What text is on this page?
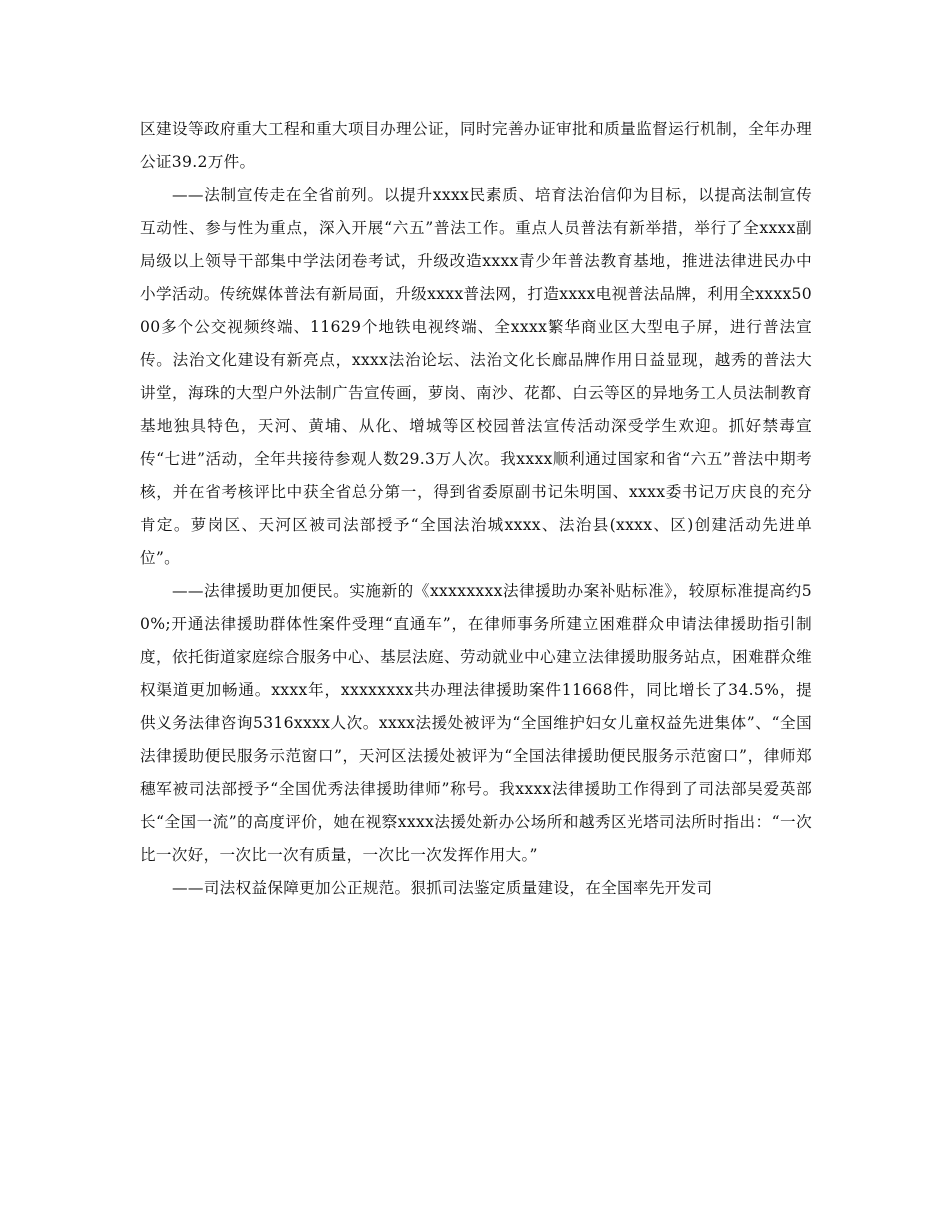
区建设等政府重大工程和重大项目办理公证，同时完善办证审批和质量监督运行机制，全年办理公证39.2万件。

——法制宣传走在全省前列。以提升xxxx民素质、培育法治信仰为目标，以提高法制宣传互动性、参与性为重点，深入开展“六五”普法工作。重点人员普法有新举措，举行了全xxxx副局级以上领导干部集中学法闭卷考试，升级改造xxxx青少年普法教育基地，推进法律进民办中小学活动。传统媒体普法有新局面，升级xxxx普法网，打造xxxx电视普法品牌，利用全xxxx5000多个公交视频终端、11629个地铁电视终端、全xxxx繁华商业区大型电子屏，进行普法宣传。法治文化建设有新亮点，xxxx法治论坛、法治文化长廊品牌作用日益显现，越秀的普法大讲堂，海珠的大型户外法制广告宣传画，萝岗、南沙、花都、白云等区的异地务工人员法制教育基地独具特色，天河、黄埔、从化、增城等区校园普法宣传活动深受学生欢迎。抓好禁毒宣传“七进”活动，全年共接待参观人数29.3万人次。我xxxx顺利通过国家和省“六五”普法中期考核，并在省考核评比中获全省总分第一，得到省委原副书记朱明国、xxxx委书记万庆良的充分肯定。萝岗区、天河区被司法部授予“全国法治城xxxx、法治县(xxxx、区)创建活动先进单位”。

——法律援助更加便民。实施新的《xxxxxxxx法律援助办案补贴标准》，较原标准提高约50%;开通法律援助群体性案件受理“直通车”，在律师事务所建立困难群众申请法律援助指引制度，依托街道家庭综合服务中心、基层法庭、劳动就业中心建立法律援助服务站点，困难群众维权渠道更加畅通。xxxx年，xxxxxxxx共办理法律援助案件11668件，同比增长了34.5%，提供义务法律咨询5316xxxx人次。xxxx法援处被评为“全国维护妇女儿童权益先进集体”、“全国法律援助便民服务示范窗口”，天河区法援处被评为“全国法律援助便民服务示范窗口”，律师郑穗军被司法部授予“全国优秀法律援助律师”称号。我xxxx法律援助工作得到了司法部吴爱英部长“全国一流”的高度评价，她在视察xxxx法援处新办公场所和越秀区光塔司法所时指出：“一次比一次好，一次比一次有质量，一次比一次发挥作用大。”

——司法权益保障更加公正规范。狠抓司法鉴定质量建设，在全国率先开发司
